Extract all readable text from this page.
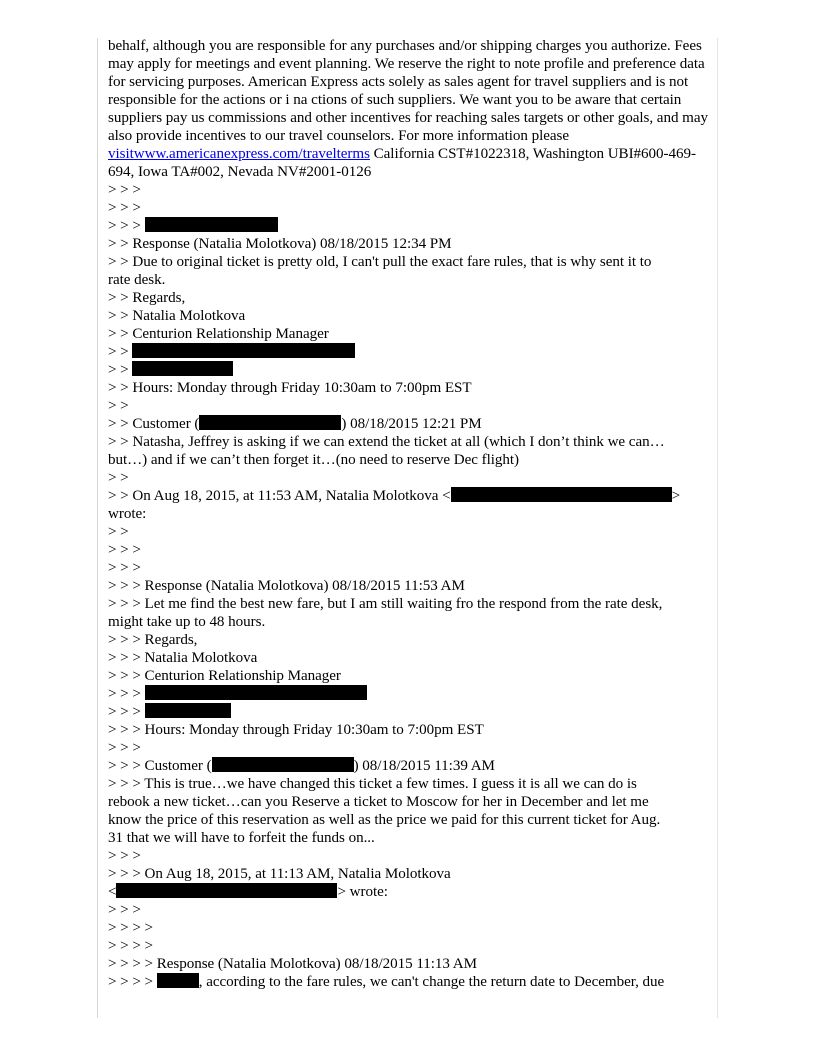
behalf, although you are responsible for any purchases and/or shipping charges you authorize. Fees may apply for meetings and event planning. We reserve the right to note profile and preference data for servicing purposes. American Express acts solely as sales agent for travel suppliers and is not responsible for the actions or i na ctions of such suppliers. We want you to be aware that certain suppliers pay us commissions and other incentives for reaching sales targets or other goals, and may also provide incentives to our travel counselors. For more information please visitwww.americanexpress.com/travelterms California CST#1022318, Washington UBI#600-469-694, Iowa TA#002, Nevada NV#2001-0126
> > >
> > >
> > >
> > Response (Natalia Molotkova) 08/18/2015 12:34 PM
> > Due to original ticket is pretty old, I can't pull the exact fare rules, that is why sent it to
rate desk.
> > Regards,
> > Natalia Molotkova
> > Centurion Relationship Manager
> >
> >
> > Hours: Monday through Friday 10:30am to 7:00pm EST
> >
> > Customer (	) 08/18/2015 12:21 PM
> > Natasha, Jeffrey is asking if we can extend the ticket at all (which I don’t think we can…
but…) and if we can’t then forget it…(no need to reserve Dec flight)
> >
> > On Aug 18, 2015, at 11:53 AM, Natalia Molotkova <	>
wrote:
> >
> > >
> > >
> > > Response (Natalia Molotkova) 08/18/2015 11:53 AM
> > > Let me find the best new fare, but I am still waiting fro the respond from the rate desk,
might take up to 48 hours.
> > > Regards,
> > > Natalia Molotkova
> > > Centurion Relationship Manager
> > >
> > >
> > > Hours: Monday through Friday 10:30am to 7:00pm EST
> > >
> > > Customer (	) 08/18/2015 11:39 AM
> > > This is true…we have changed this ticket a few times. I guess it is all we can do is
rebook a new ticket…can you Reserve a ticket to Moscow for her in December and let me
know the price of this reservation as well as the price we paid for this current ticket for Aug.
31 that we will have to forfeit the funds on...
> > >
> > > On Aug 18, 2015, at 11:13 AM, Natalia Molotkova
<	> wrote:
> > >
> > > >
> > > >
> > > > Response (Natalia Molotkova) 08/18/2015 11:13 AM
> > > >	, according to the fare rules, we can't change the return date to December, due
